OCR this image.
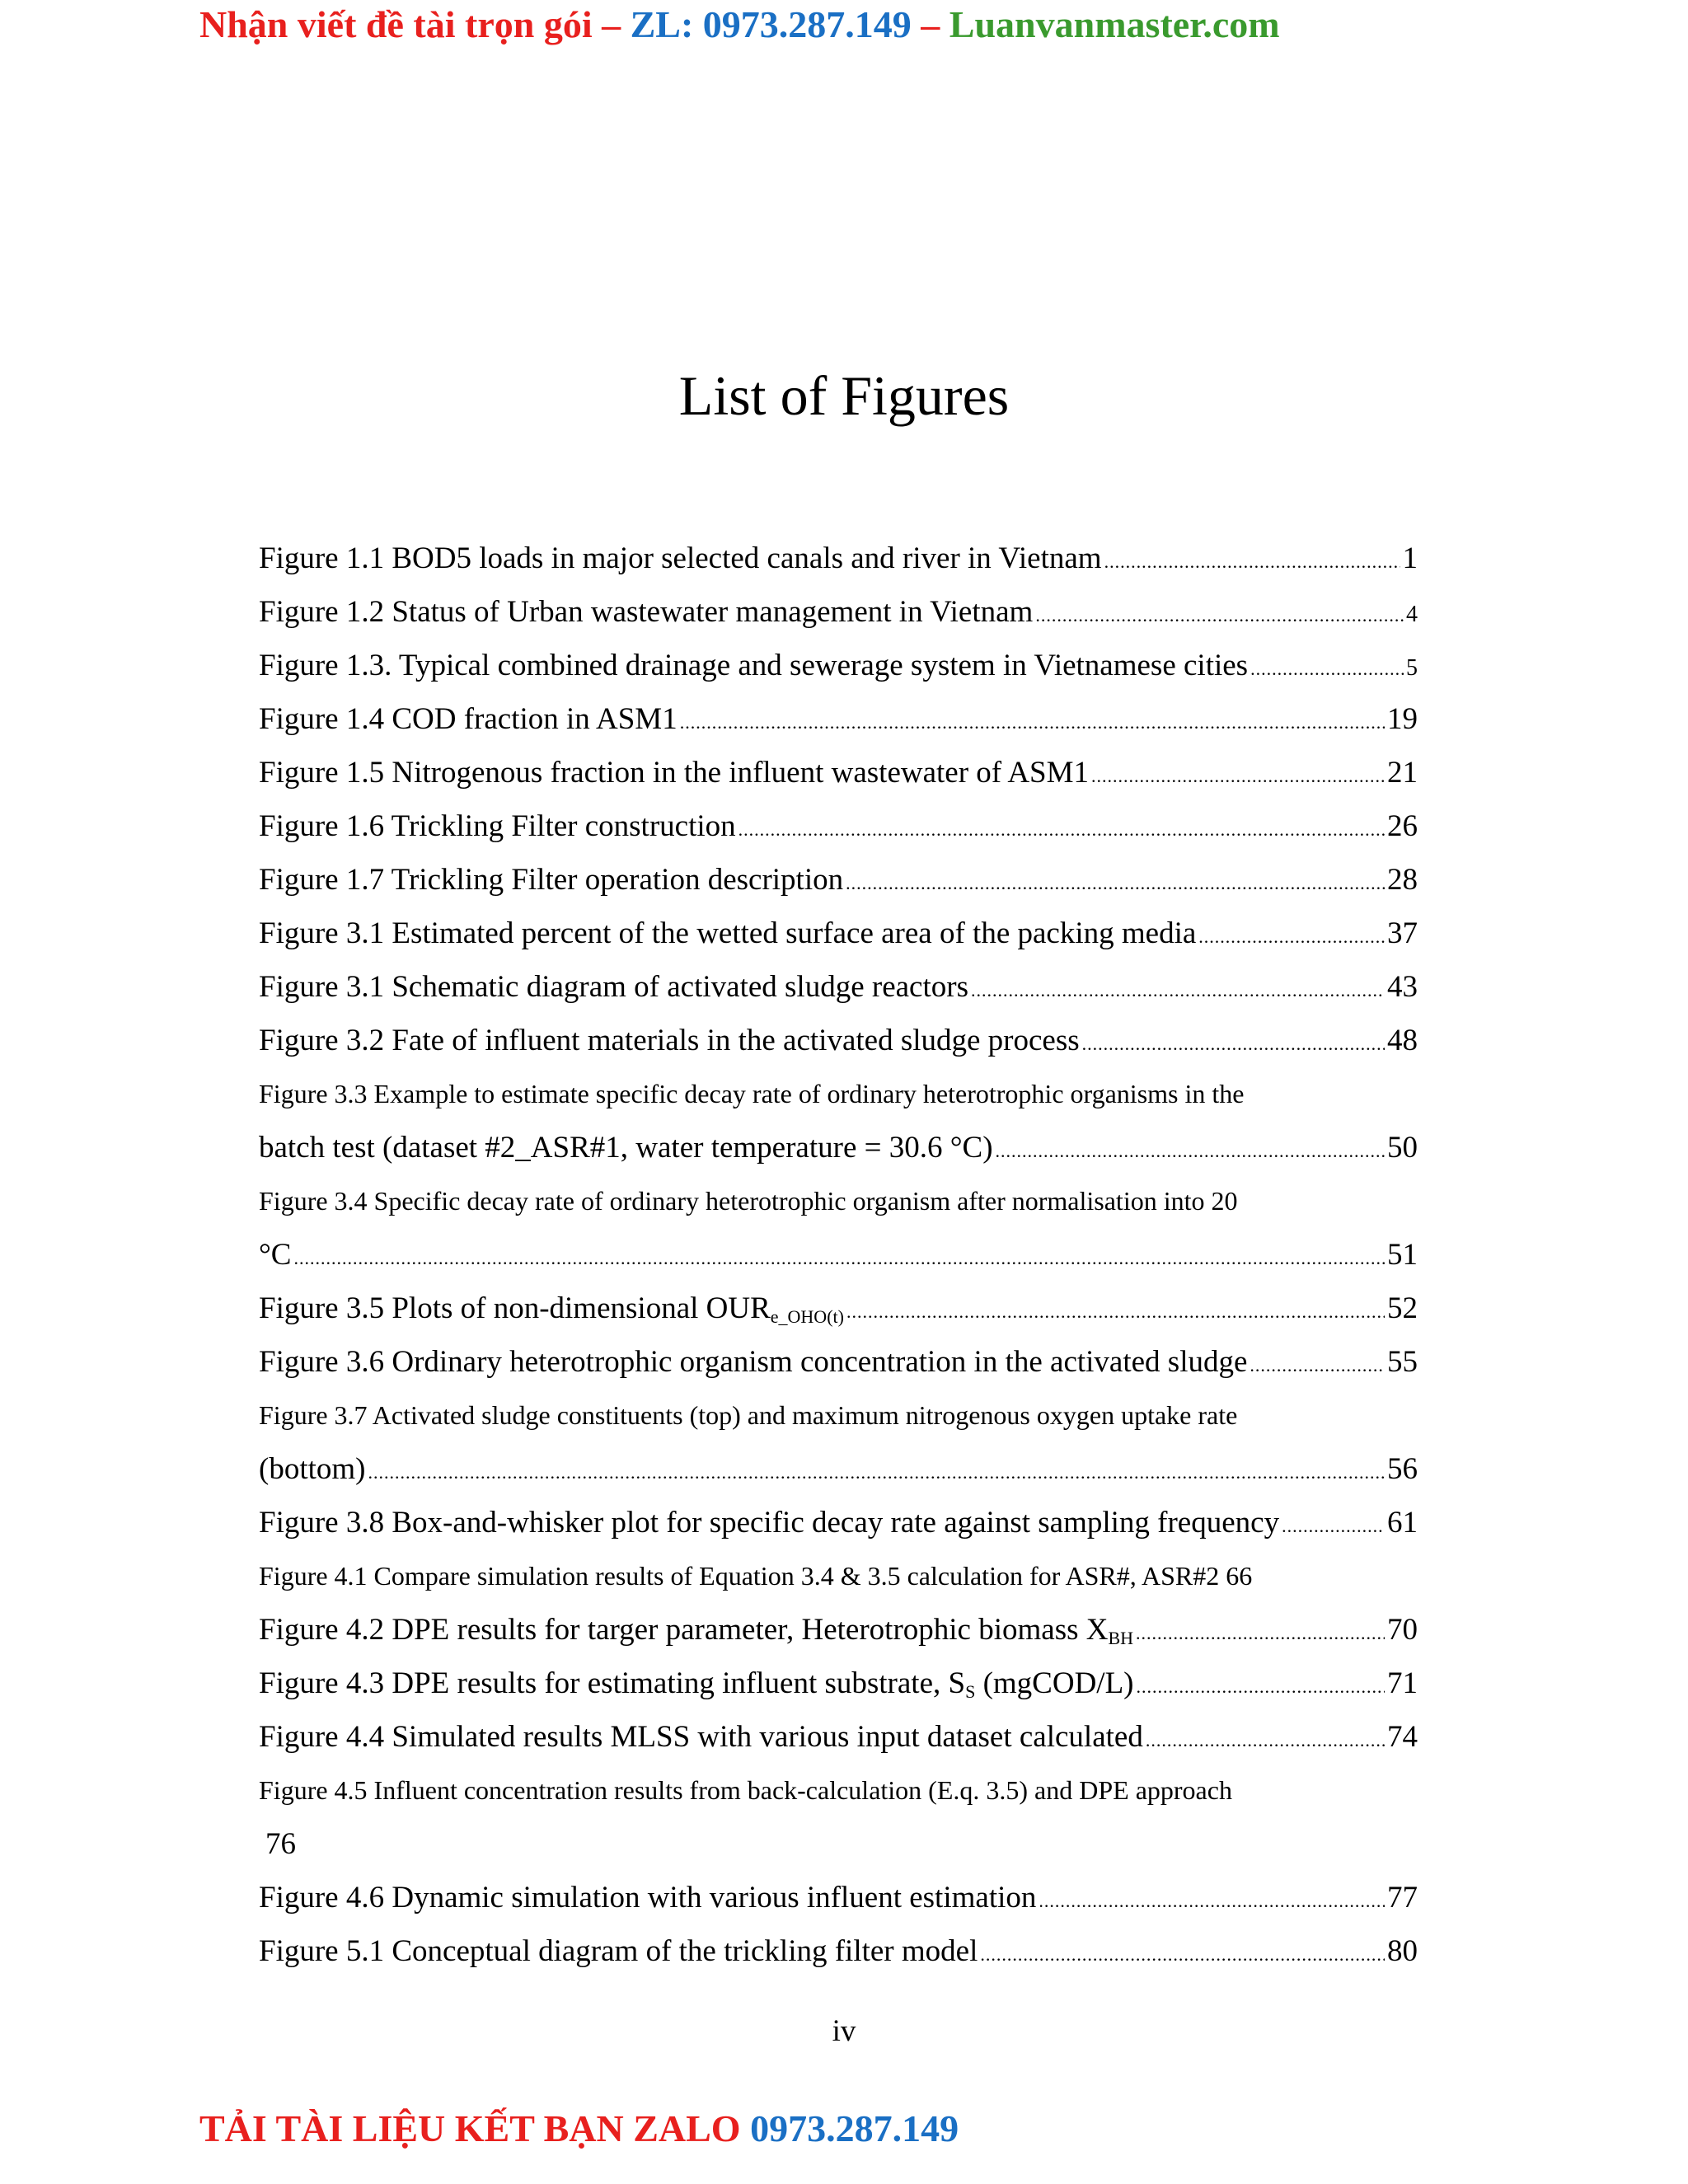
Nhận viết đề tài trọn gói – ZL: 0973.287.149 – Luanvanmaster.com
List of Figures
Figure 1.1 BOD5 loads in major selected canals and river in Vietnam .....	1
Figure 1.2 Status of Urban wastewater management in Vietnam .....	4
Figure 1.3. Typical combined drainage and sewerage system in Vietnamese cities .....	5
Figure 1.4 COD fraction in ASM1 .....	19
Figure 1.5 Nitrogenous fraction in the influent wastewater of ASM1 .....	21
Figure 1.6 Trickling Filter construction .....	26
Figure 1.7 Trickling Filter operation description .....	28
Figure 3.1 Estimated percent of the wetted surface area of the packing media .....	37
Figure 3.1 Schematic diagram of activated sludge reactors .....	43
Figure 3.2 Fate of influent materials in the activated sludge process .....	48
Figure 3.3 Example to estimate specific decay rate of ordinary heterotrophic organisms in the
batch test (dataset #2_ASR#1, water temperature = 30.6 °C) .....	50
Figure 3.4 Specific decay rate of ordinary heterotrophic organism after normalisation into 20
°C .....	51
Figure 3.5 Plots of non-dimensional $OUR_{e\_OHO(t)}$ .....	52
Figure 3.6 Ordinary heterotrophic organism concentration in the activated sludge .....	55
Figure 3.7 Activated sludge constituents (top) and maximum nitrogenous oxygen uptake rate
(bottom) .....	56
Figure 3.8 Box-and-whisker plot for specific decay rate against sampling frequency .....	61
Figure 4.1 Compare simulation results of Equation 3.4 & 3.5 calculation for ASR#, ASR#2 66
Figure 4.2 DPE results for targer parameter, Heterotrophic biomass $X_{BH}$ .....	70
Figure 4.3 DPE results for estimating influent substrate, $S_S$ (mgCOD/L) .....	71
Figure 4.4 Simulated results MLSS with various input dataset calculated .....	74
Figure 4.5 Influent concentration results from back-calculation (E.q. 3.5) and DPE approach
76
Figure 4.6 Dynamic simulation with various influent estimation .....	77
Figure 5.1 Conceptual diagram of the trickling filter model .....	80
iv
TẢI TÀI LIỆU KẾT BẠN ZALO 0973.287.149
